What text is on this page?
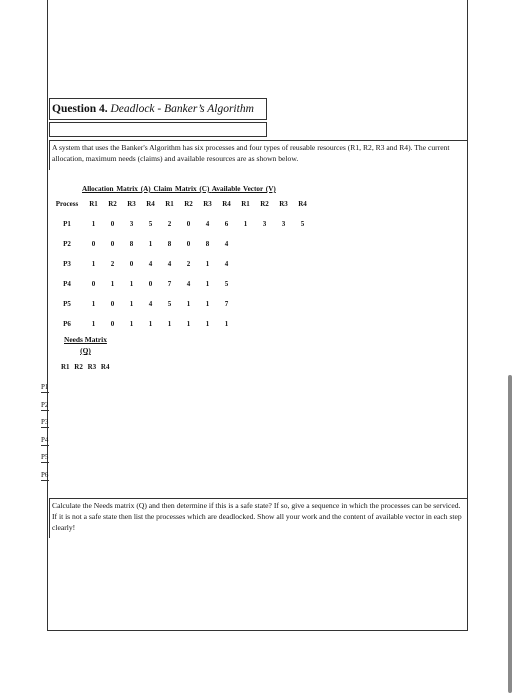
Question 4. Deadlock - Banker’s Algorithm
A system that uses the Banker's Algorithm has six processes and four types of reusable resources (R1, R2, R3 and R4). The current allocation, maximum needs (claims) and available resources are as shown below.
Allocation Matrix (A) Claim Matrix (C) Available Vector (V)
Process	R1	R2	R3	R4	R1	R2	R3	R4	R1	R2	R3	R4
P1	1	0	3	5	2	0	4	6	1	3	3	5
P2	0	0	8	1	8	0	8	4				
P3	1	2	0	4	4	2	1	4				
P4	0	1	1	0	7	4	1	5				
P5	1	0	1	4	5	1	1	7				
P6	1	0	1	1	1	1	1	1				
Needs Matrix
(Q)
R1 R2 R3 R4
P1
P2
P3
P4
P5
P6
Calculate the Needs matrix (Q) and then determine if this is a safe state? If so, give a sequence in which the processes can be serviced. If it is not a safe state then list the processes which are deadlocked. Show all your work and the content of available vector in each step clearly!
